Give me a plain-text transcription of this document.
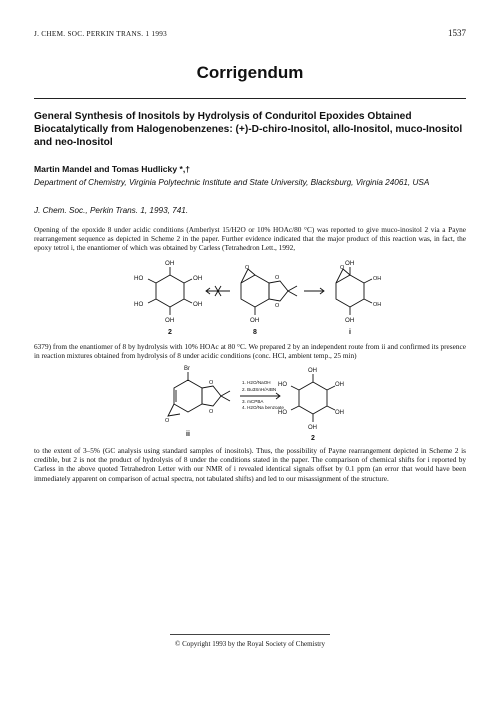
J. CHEM. SOC. PERKIN TRANS. 1 1993	1537
Corrigendum
General Synthesis of Inositols by Hydrolysis of Conduritol Epoxides Obtained Biocatalytically from Halogenobenzenes: (+)-D-chiro-Inositol, allo-Inositol, muco-Inositol and neo-Inositol
Martin Mandel and Tomas Hudlicky *,†
Department of Chemistry, Virginia Polytechnic Institute and State University, Blacksburg, Virginia 24061, USA
J. Chem. Soc., Perkin Trans. 1, 1993, 741.

Opening of the epoxide 8 under acidic conditions (Amberlyst 15/H2O or 10% HOAc/80 °C) was reported to give muco-inositol 2 via a Payne rearrangement sequence as depicted in Scheme 2 in the paper. Further evidence indicated that the major product of this reaction was, in fact, the epoxy tetrol i, the enantiomer of which was obtained by Carless (Tetrahedron Lett., 1992,

OH
OH
OH
OH
HO
HO
O
O
O
OH
O
OH
OH
OH
OH
2	8	i

6379) from the enantiomer of 8 by hydrolysis with 10% HOAc at 80 °C. We prepared 2 by an independent route from ii and confirmed its presence in reaction mixtures obtained from hydrolysis of 8 under acidic conditions (conc. HCl, ambient temp., 25 min)

Br
O
O
O
OH
OH
OH
OH
HO
HO
1. H2O/NaOH
2. Bu3SnH/AIBN
3. mCPBA
4. H2O/Na benzoate
ii
2

to the extent of 3–5% (GC analysis using standard samples of inositols). Thus, the possibility of Payne rearrangement depicted in Scheme 2 is credible, but 2 is not the product of hydrolysis of 8 under the conditions stated in the paper. The comparison of chemical shifts for i reported by Carless in the above quoted Tetrahedron Letter with our NMR of i revealed identical signals offset by 0.1 ppm (an error that would have been immediately apparent on comparison of actual spectra, not tabulated shifts) and led to our misassignment of the structure.

© Copyright 1993 by the Royal Society of Chemistry
